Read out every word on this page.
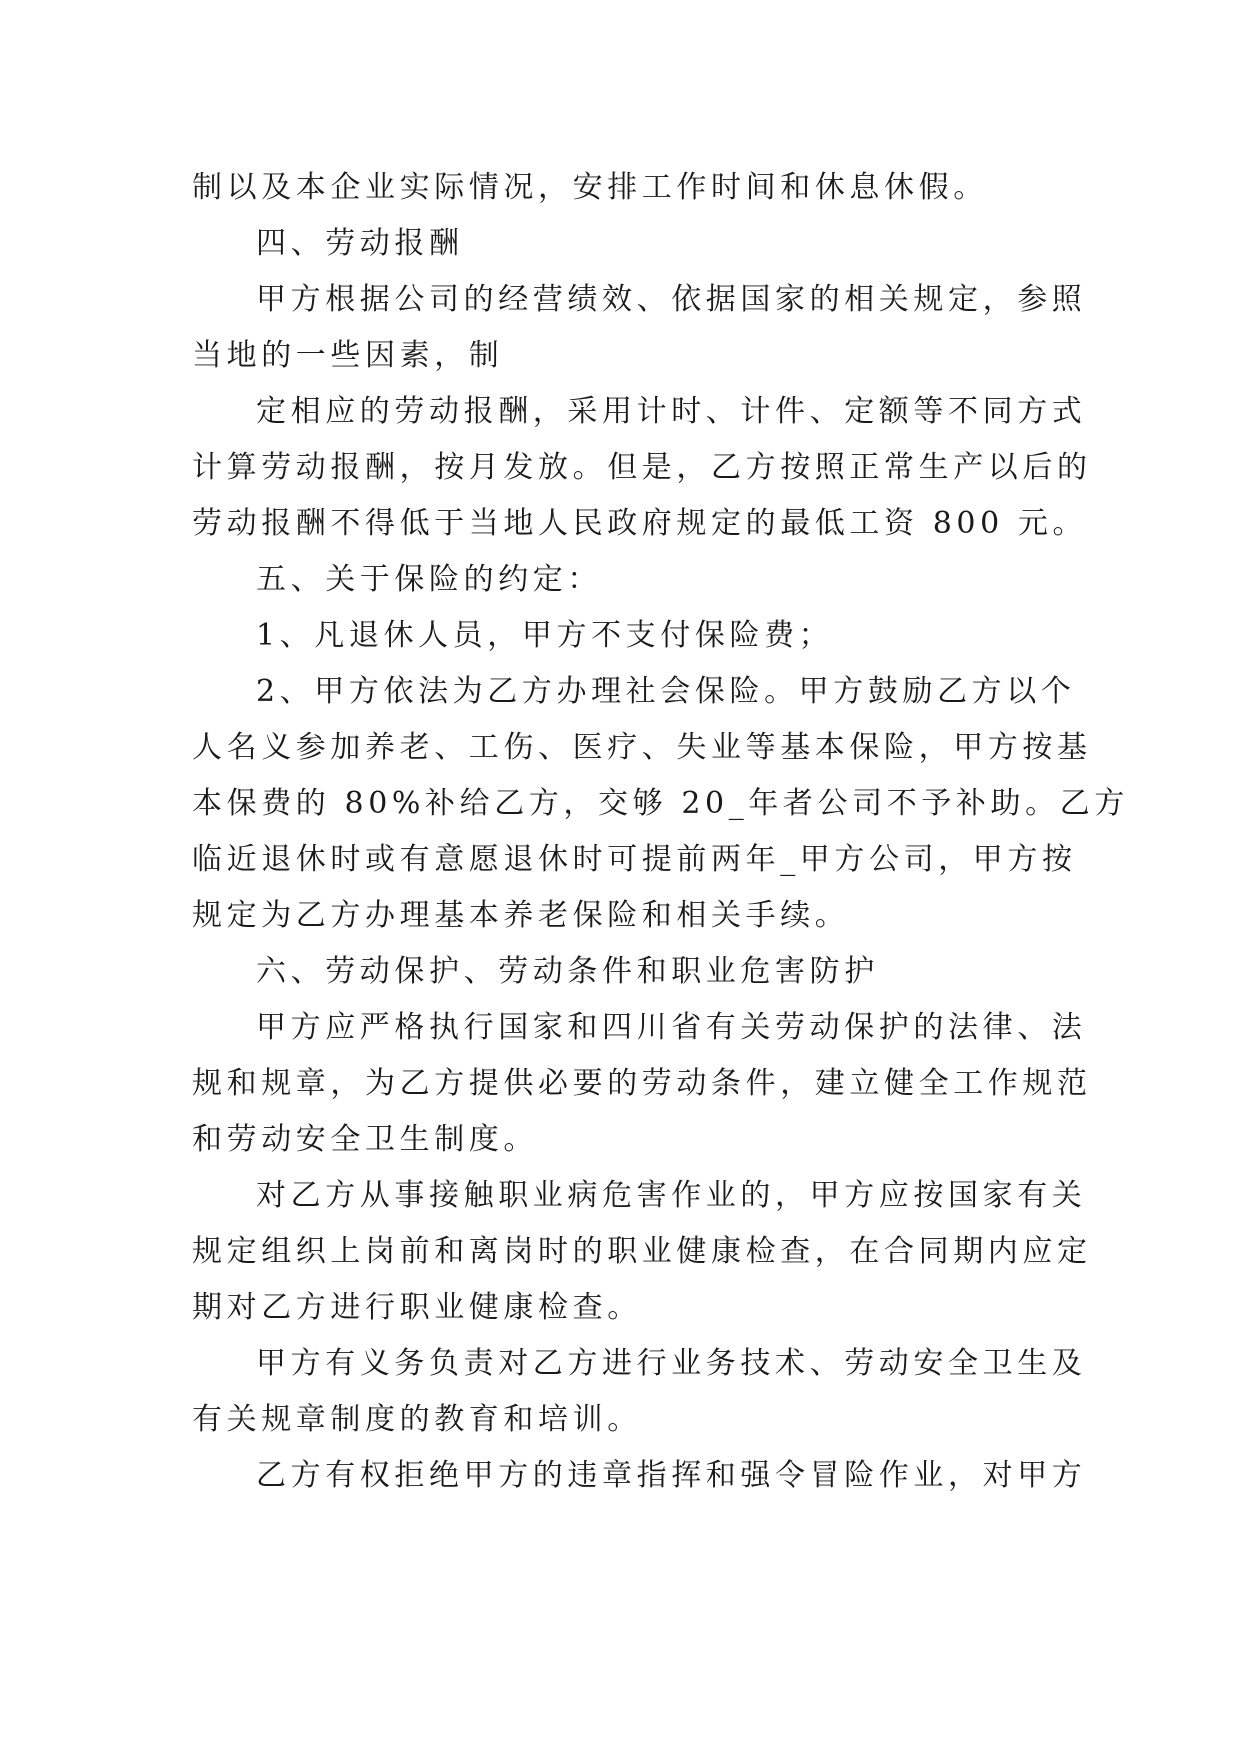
制以及本企业实际情况，安排工作时间和休息休假。
四、劳动报酬
甲方根据公司的经营绩效、依据国家的相关规定，参照
当地的一些因素，制
定相应的劳动报酬，采用计时、计件、定额等不同方式
计算劳动报酬，按月发放。但是，乙方按照正常生产以后的
劳动报酬不得低于当地人民政府规定的最低工资 800 元。
五、关于保险的约定：
1、凡退休人员，甲方不支付保险费；
2、甲方依法为乙方办理社会保险。甲方鼓励乙方以个
人名义参加养老、工伤、医疗、失业等基本保险，甲方按基
本保费的 80%补给乙方，交够 20_年者公司不予补助。乙方
临近退休时或有意愿退休时可提前两年_甲方公司，甲方按
规定为乙方办理基本养老保险和相关手续。
六、劳动保护、劳动条件和职业危害防护
甲方应严格执行国家和四川省有关劳动保护的法律、法
规和规章，为乙方提供必要的劳动条件，建立健全工作规范
和劳动安全卫生制度。
对乙方从事接触职业病危害作业的，甲方应按国家有关
规定组织上岗前和离岗时的职业健康检查，在合同期内应定
期对乙方进行职业健康检查。
甲方有义务负责对乙方进行业务技术、劳动安全卫生及
有关规章制度的教育和培训。
乙方有权拒绝甲方的违章指挥和强令冒险作业，对甲方
